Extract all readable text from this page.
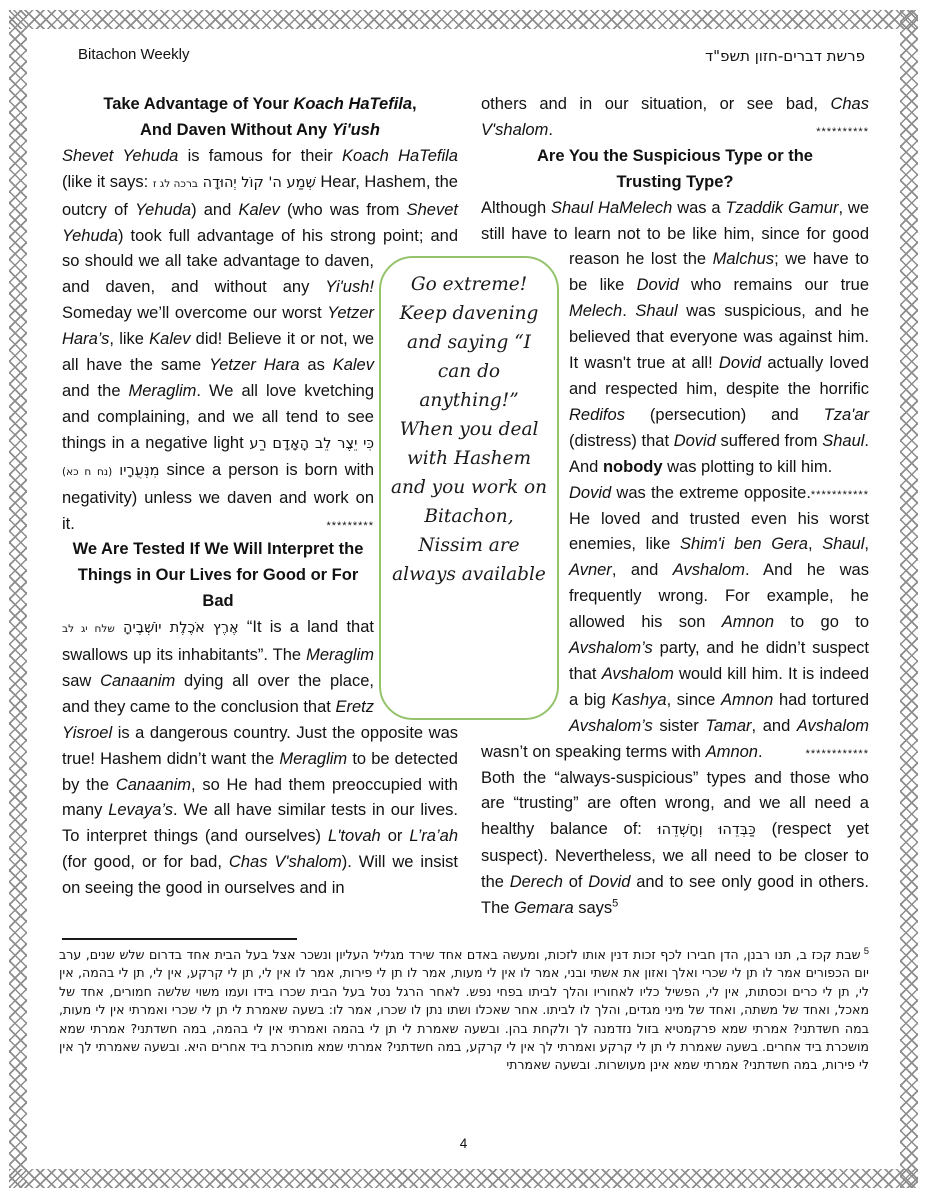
Bitachon Weekly	פרשת דברים-חזון תשפ"ד
Take Advantage of Your Koach HaTefila,
And Daven Without Any Yi'ush

Shevet Yehuda is famous for their Koach HaTefila (like it says:	שְׁמַע ה' קוֹל יְהוּדָה ברכה לג ז	Hear, Hashem, the outcry of Yehuda) and Kalev (who was from Shevet Yehuda) took full advantage of his strong point; and so
should we all take advantage to daven, and daven, and without any Yi'ush! Someday we’ll overcome our worst Yetzer Hara’s, like Kalev did! Believe it or not, we all have the same Yetzer Hara as Kalev and the Meraglim. We all love kvetching and complaining, and we all tend to see things in a negative light כִּי יֵצֶר לֵב הָאָדָם רַע מִנְּעֻרָיו (נח ח כא)	since a person is born with negativity) unless we daven and work on it.	*********

We Are Tested If We Will Interpret the Things in Our Lives for Good or For Bad

אֶרֶץ אֹכֶלֶת יוֹשְׁבֶיהָ שלח יג לב	“It is a land that swallows up its inhabitants”. The Meraglim saw Canaanim dying all over the place, and they came to the conclusion that Eretz Yisroel is a dangerous country. Just the opposite was true! Hashem didn’t want the Meraglim to be detected by the Canaanim, so He had them preoccupied with many Levaya’s. We all have similar tests in our lives. To interpret things (and ourselves) L'tovah or L’ra’ah (for good, or for bad, Chas V'shalom). Will we insist on seeing the good in ourselves and in

others and in our situation, or see bad, Chas V'shalom.	**********

Are You the Suspicious Type or the
Trusting Type?

Although Shaul HaMelech was a Tzaddik Gamur, we still have to learn not to be like him, since for good reason he lost the
Malchus; we have to be like Dovid who remains our true Melech. Shaul was suspicious, and he believed that everyone was against him. It wasn't true at all! Dovid actually loved and respected him, despite the horrific Redifos (persecution) and Tza'ar (distress) that Dovid suffered from Shaul. And nobody was plotting to kill him.
***********

Dovid was the extreme opposite. He loved and trusted even his worst enemies, like Shim'i ben Gera, Shaul, Avner, and Avshalom. And he was frequently wrong. For example, he allowed his son Amnon to go to Avshalom’s party, and he didn’t suspect that Avshalom would kill him. It is indeed a big Kashya, since Amnon had tortured Avshalom’s sister Tamar, and Avshalom wasn’t on speaking terms with Amnon.	************

Both the “always-suspicious” types and those who are “trusting” are often wrong, and we all need a healthy balance of: כַּבְּדֵהוּ וְחָשְׁדֵהוּ (respect yet suspect). Nevertheless, we all need to be closer to the Derech of Dovid and to see only good in others. The Gemara says$^5$

Go extreme! Keep davening and saying “I can do anything!” When you deal with Hashem and you work on Bitachon, Nissim are always available
$^5$ שבת קכז ב, תנו רבנן, הדן חבירו לכף זכות דנין אותו לזכות, ומעשה באדם אחד שירד מגליל העליון ונשכר אצל בעל הבית אחד בדרום שלש שנים, ערב יום הכפורים אמר לו תן לי שכרי ואלך ואזון את אשתי ובני, אמר לו אין לי מעות, אמר לו תן לי פירות, אמר לו אין לי, תן לי קרקע, אין לי, תן לי בהמה, אין לי, תן לי כרים וכסתות, אין לי, הפשיל כליו לאחוריו והלך לביתו בפחי נפש. לאחר הרגל נטל בעל הבית שכרו בידו ועמו משוי שלשה חמורים, אחד של מאכל, ואחד של משתה, ואחד של מיני מגדים, והלך לו לביתו. אחר שאכלו ושתו נתן לו שכרו, אמר לו: בשעה שאמרת לי תן לי שכרי ואמרתי אין לי מעות, במה חשדתני? אמרתי שמא פרקמטיא בזול נזדמנה לך ולקחת בהן. ובשעה שאמרת לי תן לי בהמה ואמרתי אין לי בהמה, במה חשדתני? אמרתי שמא מושכרת ביד אחרים. בשעה שאמרת לי תן לי קרקע ואמרתי לך אין לי קרקע, במה חשדתני? אמרתי שמא מוחכרת ביד אחרים היא. ובשעה שאמרתי לך אין לי פירות, במה חשדתני? אמרתי שמא אינן מעושרות. ובשעה שאמרתי
4
